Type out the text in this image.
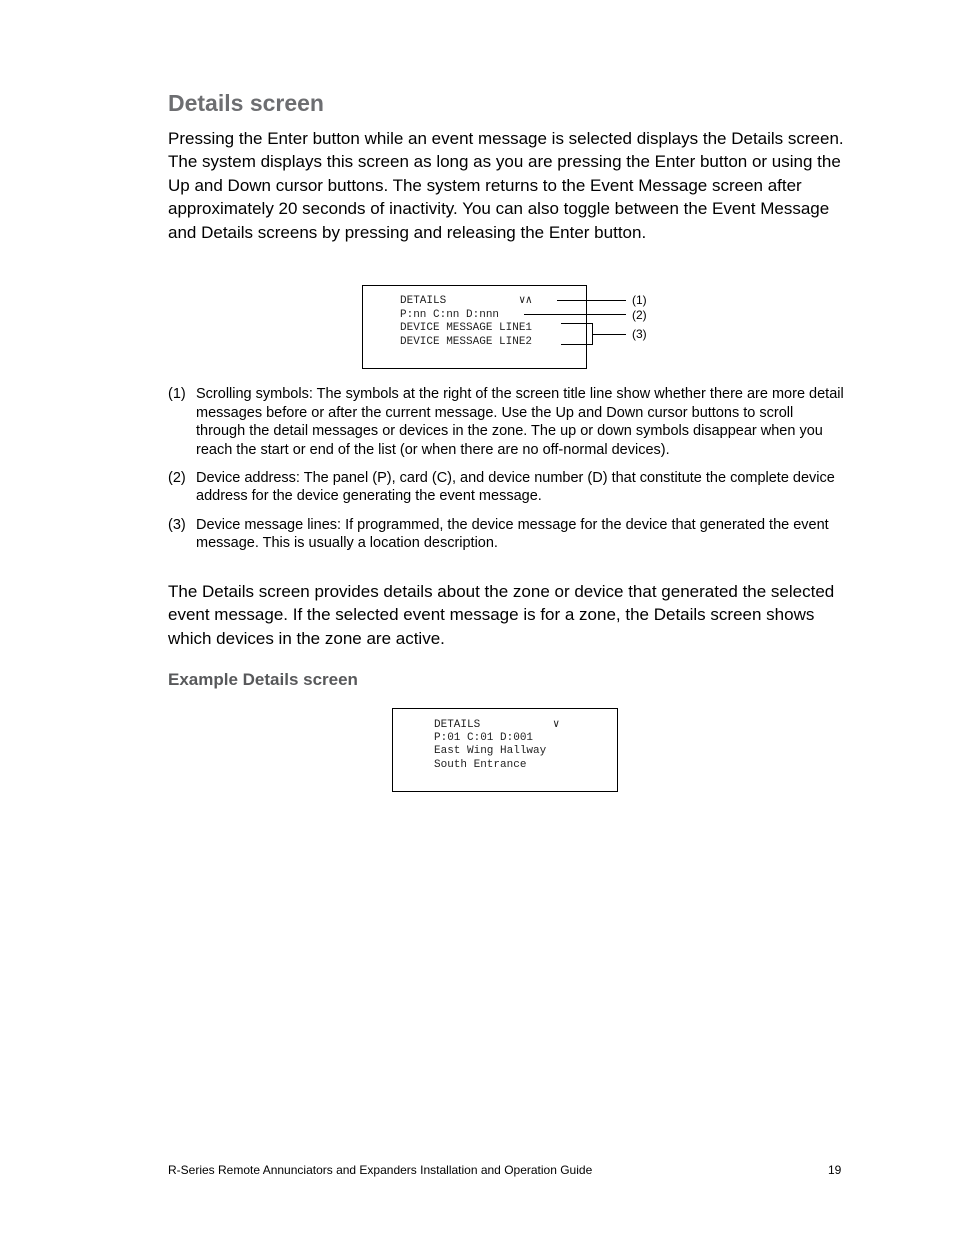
Details screen

Pressing the Enter button while an event message is selected displays the Details screen. The system displays this screen as long as you are pressing the Enter button or using the Up and Down cursor buttons. The system returns to the Event Message screen after approximately 20 seconds of inactivity. You can also toggle between the Event Message and Details screens by pressing and releasing the Enter button.

DETAILS           ∨∧

P:nn C:nn D:nnn

DEVICE MESSAGE LINE1

DEVICE MESSAGE LINE2

(1)

(2)

(3)

(1) Scrolling symbols: The symbols at the right of the screen title line show whether there are more detail messages before or after the current message. Use the Up and Down cursor buttons to scroll through the detail messages or devices in the zone. The up or down symbols disappear when you reach the start or end of the list (or when there are no off-normal devices).
(2) Device address: The panel (P), card (C), and device number (D) that constitute the complete device address for the device generating the event message.
(3) Device message lines: If programmed, the device message for the device that generated the event message. This is usually a location description.

The Details screen provides details about the zone or device that generated the selected event message. If the selected event message is for a zone, the Details screen shows which devices in the zone are active.

Example Details screen

DETAILS           ∨

P:01 C:01 D:001

East Wing Hallway

South Entrance

R-Series Remote Annunciators and Expanders Installation and Operation Guide	19
